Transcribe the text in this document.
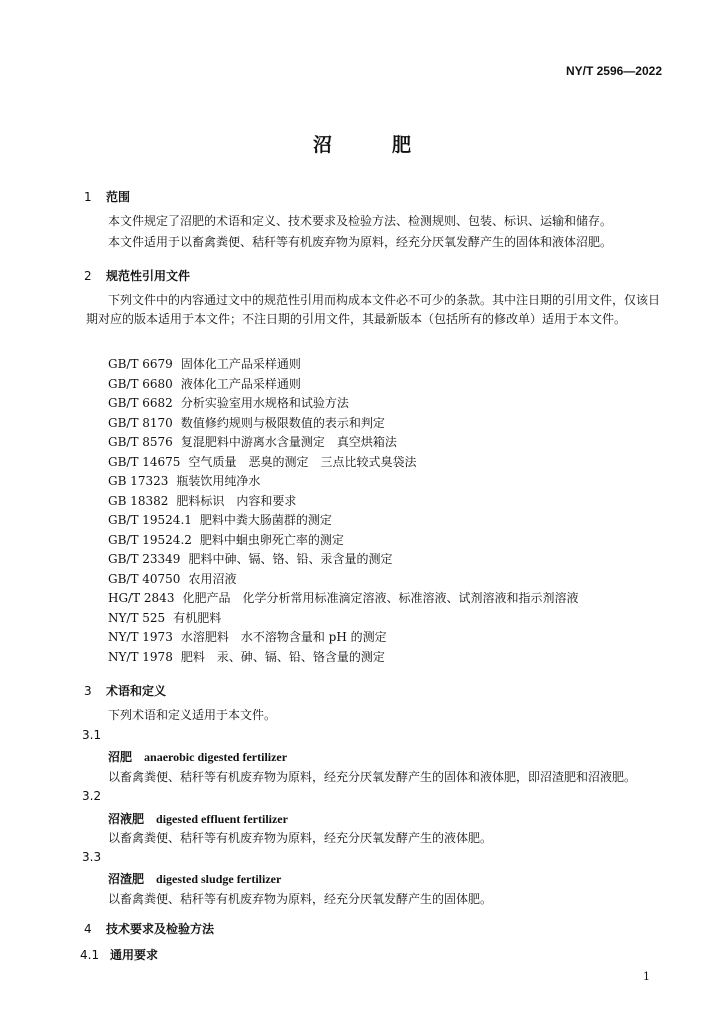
NY/T 2596—2022
沼肥
1 范围

本文件规定了沼肥的术语和定义、技术要求及检验方法、检测规则、包装、标识、运输和储存。

本文件适用于以畜禽粪便、秸秆等有机废弃物为原料，经充分厌氧发酵产生的固体和液体沼肥。

2 规范性引用文件

下列文件中的内容通过文中的规范性引用而构成本文件必不可少的条款。其中注日期的引用文件，仅该日期对应的版本适用于本文件；不注日期的引用文件，其最新版本（包括所有的修改单）适用于本文件。

GB/T 6679 固体化工产品采样通则
GB/T 6680 液体化工产品采样通则
GB/T 6682 分析实验室用水规格和试验方法
GB/T 8170 数值修约规则与极限数值的表示和判定
GB/T 8576 复混肥料中游离水含量测定　真空烘箱法
GB/T 14675 空气质量　恶臭的测定　三点比较式臭袋法
GB 17323 瓶装饮用纯净水
GB 18382 肥料标识　内容和要求
GB/T 19524.1 肥料中粪大肠菌群的测定
GB/T 19524.2 肥料中蛔虫卵死亡率的测定
GB/T 23349 肥料中砷、镉、铬、铅、汞含量的测定
GB/T 40750 农用沼液
HG/T 2843 化肥产品　化学分析常用标准滴定溶液、标准溶液、试剂溶液和指示剂溶液
NY/T 525 有机肥料
NY/T 1973 水溶肥料　水不溶物含量和 pH 的测定
NY/T 1978 肥料　汞、砷、镉、铅、铬含量的测定
3 术语和定义

下列术语和定义适用于本文件。

3.1
沼肥 anaerobic digested fertilizer
以畜禽粪便、秸秆等有机废弃物为原料，经充分厌氧发酵产生的固体和液体肥，即沼渣肥和沼液肥。
3.2
沼液肥 digested effluent fertilizer
以畜禽粪便、秸秆等有机废弃物为原料，经充分厌氧发酵产生的液体肥。
3.3
沼渣肥 digested sludge fertilizer
以畜禽粪便、秸秆等有机废弃物为原料，经充分厌氧发酵产生的固体肥。
4 技术要求及检验方法
4.1 通用要求
1
